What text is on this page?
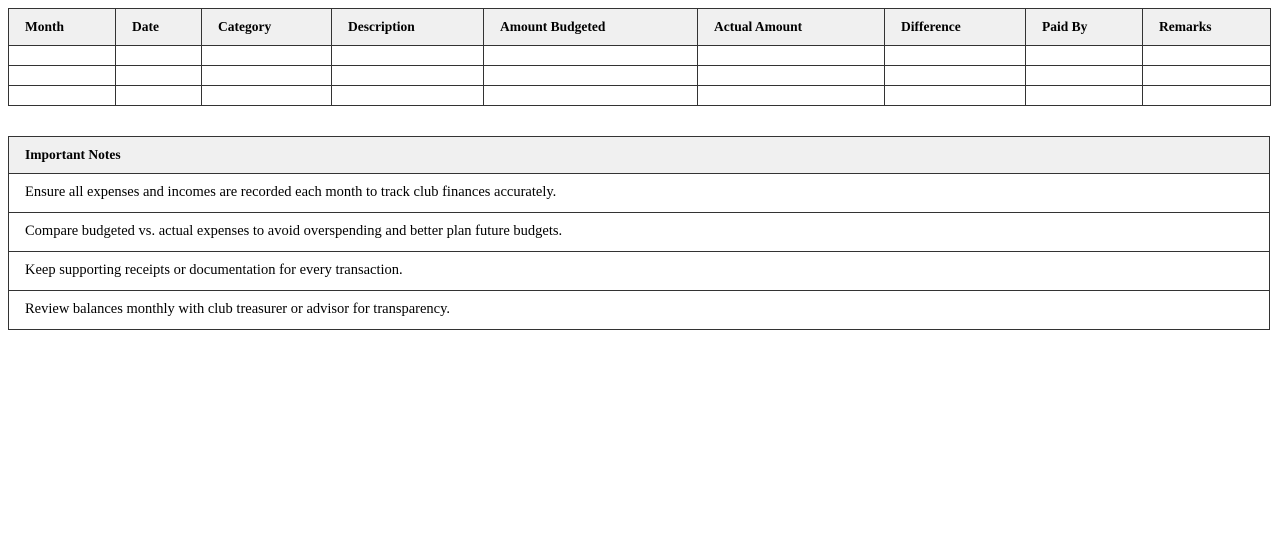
Month	Date	Category	Description	Amount Budgeted	Actual Amount	Difference	Paid By	Remarks

Important Notes
Ensure all expenses and incomes are recorded each month to track club finances accurately.
Compare budgeted vs. actual expenses to avoid overspending and better plan future budgets.
Keep supporting receipts or documentation for every transaction.
Review balances monthly with club treasurer or advisor for transparency.
